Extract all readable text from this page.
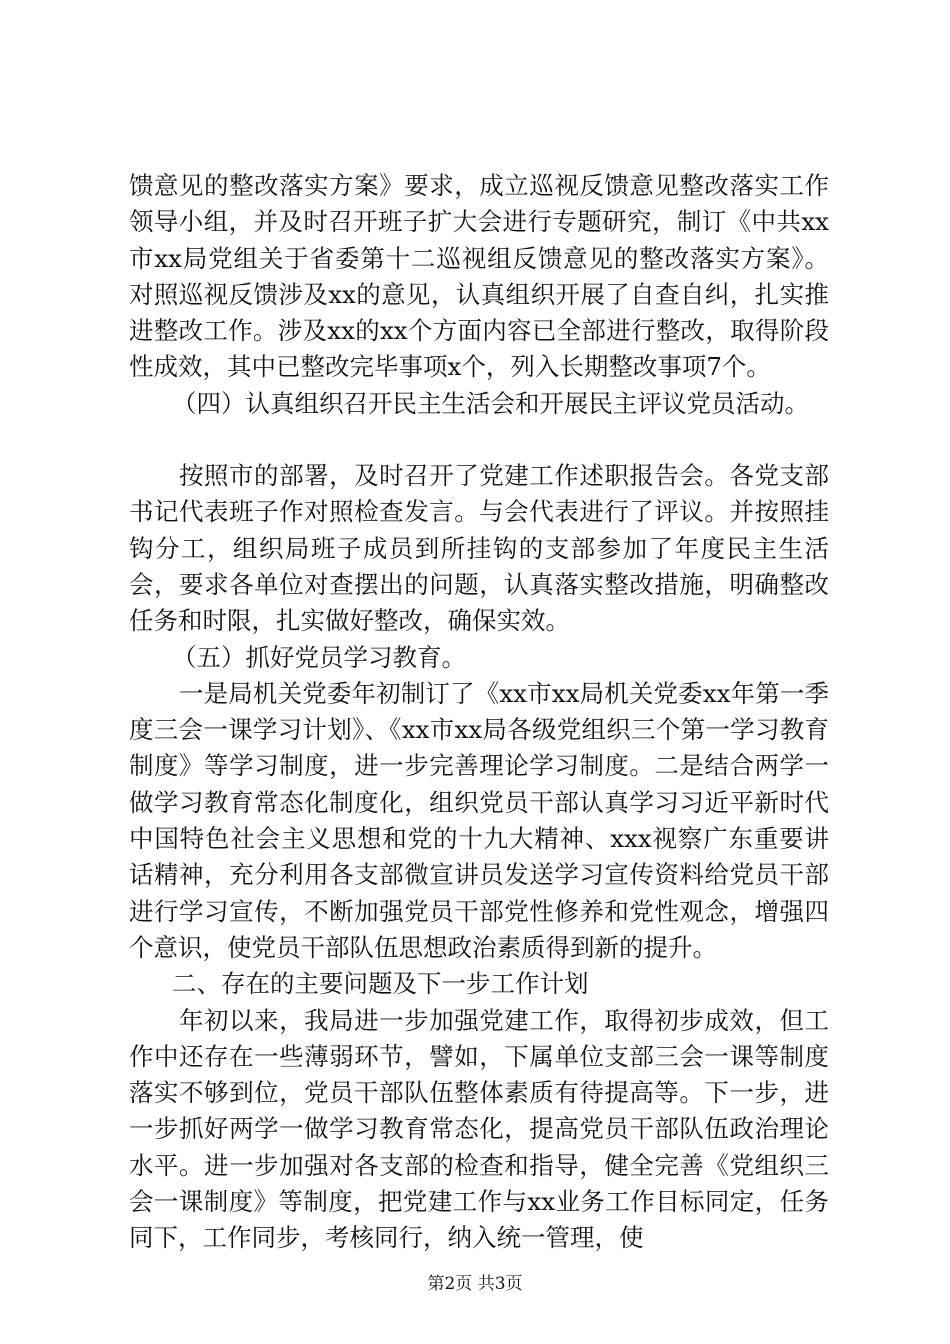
馈意见的整改落实方案》要求，成立巡视反馈意见整改落实工作领导小组，并及时召开班子扩大会进行专题研究，制订《中共xx市xx局党组关于省委第十二巡视组反馈意见的整改落实方案》。对照巡视反馈涉及xx的意见，认真组织开展了自查自纠，扎实推进整改工作。涉及xx的xx个方面内容已全部进行整改，取得阶段性成效，其中已整改完毕事项x个，列入长期整改事项7个。

（四）认真组织召开民主生活会和开展民主评议党员活动。

按照市的部署，及时召开了党建工作述职报告会。各党支部书记代表班子作对照检查发言。与会代表进行了评议。并按照挂钩分工，组织局班子成员到所挂钩的支部参加了年度民主生活会，要求各单位对查摆出的问题，认真落实整改措施，明确整改任务和时限，扎实做好整改，确保实效。

（五）抓好党员学习教育。

一是局机关党委年初制订了《xx市xx局机关党委xx年第一季度三会一课学习计划》、《xx市xx局各级党组织三个第一学习教育制度》等学习制度，进一步完善理论学习制度。二是结合两学一做学习教育常态化制度化，组织党员干部认真学习习近平新时代中国特色社会主义思想和党的十九大精神、xxx视察广东重要讲话精神，充分利用各支部微宣讲员发送学习宣传资料给党员干部进行学习宣传，不断加强党员干部党性修养和党性观念，增强四个意识，使党员干部队伍思想政治素质得到新的提升。

二、存在的主要问题及下一步工作计划

年初以来，我局进一步加强党建工作，取得初步成效，但工作中还存在一些薄弱环节，譬如，下属单位支部三会一课等制度落实不够到位，党员干部队伍整体素质有待提高等。下一步，进一步抓好两学一做学习教育常态化，提高党员干部队伍政治理论水平。进一步加强对各支部的检查和指导，健全完善《党组织三会一课制度》等制度，把党建工作与xx业务工作目标同定，任务同下，工作同步，考核同行，纳入统一管理，使

第2页 共3页
